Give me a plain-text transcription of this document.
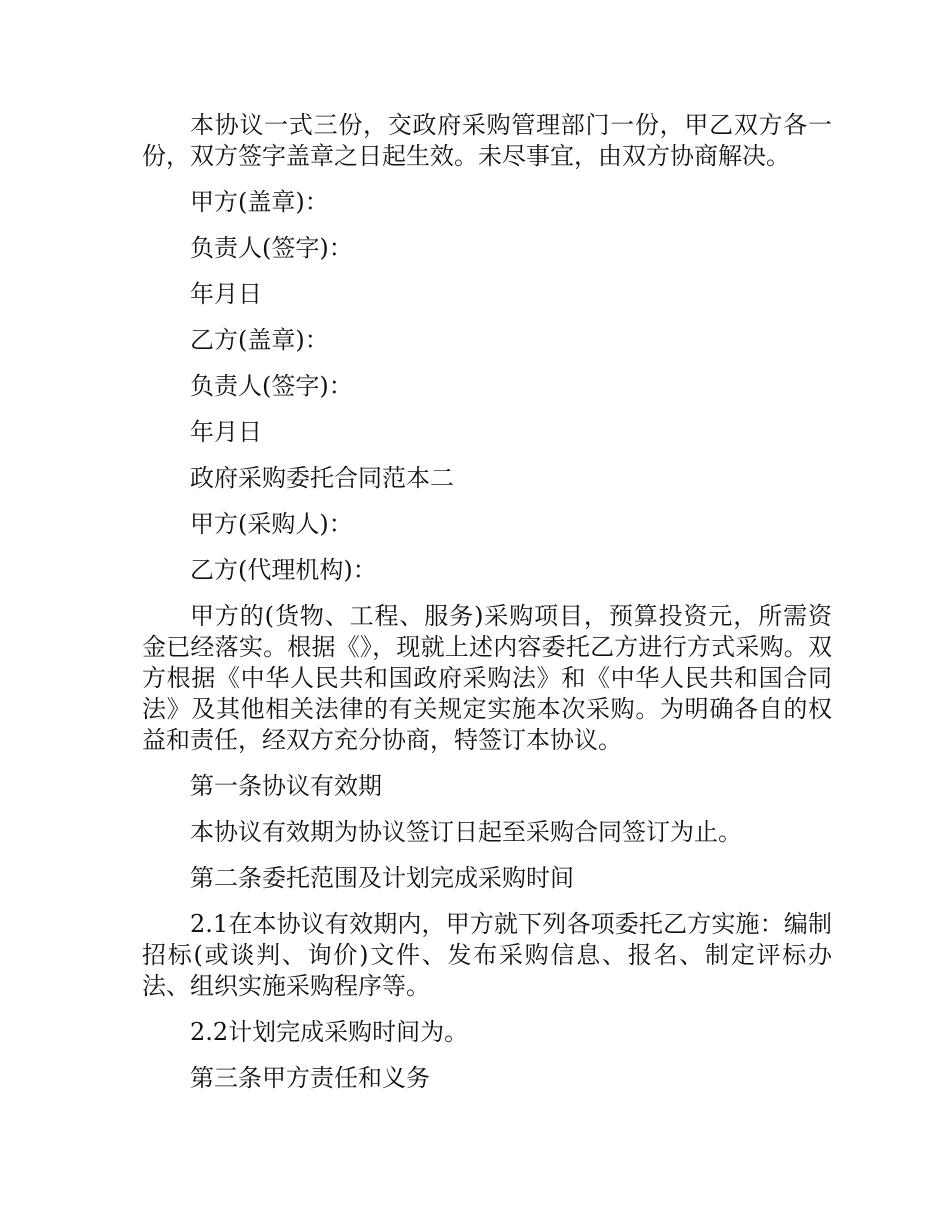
本协议一式三份，交政府采购管理部门一份，甲乙双方各一份，双方签字盖章之日起生效。未尽事宜，由双方协商解决。

甲方(盖章)：

负责人(签字)：

年月日

乙方(盖章)：

负责人(签字)：

年月日

政府采购委托合同范本二

甲方(采购人)：

乙方(代理机构)：

甲方的(货物、工程、服务)采购项目，预算投资元，所需资金已经落实。根据《》，现就上述内容委托乙方进行方式采购。双方根据《中华人民共和国政府采购法》和《中华人民共和国合同法》及其他相关法律的有关规定实施本次采购。为明确各自的权益和责任，经双方充分协商，特签订本协议。

第一条协议有效期

本协议有效期为协议签订日起至采购合同签订为止。

第二条委托范围及计划完成采购时间

2.1在本协议有效期内，甲方就下列各项委托乙方实施：编制招标(或谈判、询价)文件、发布采购信息、报名、制定评标办法、组织实施采购程序等。

2.2计划完成采购时间为。

第三条甲方责任和义务
